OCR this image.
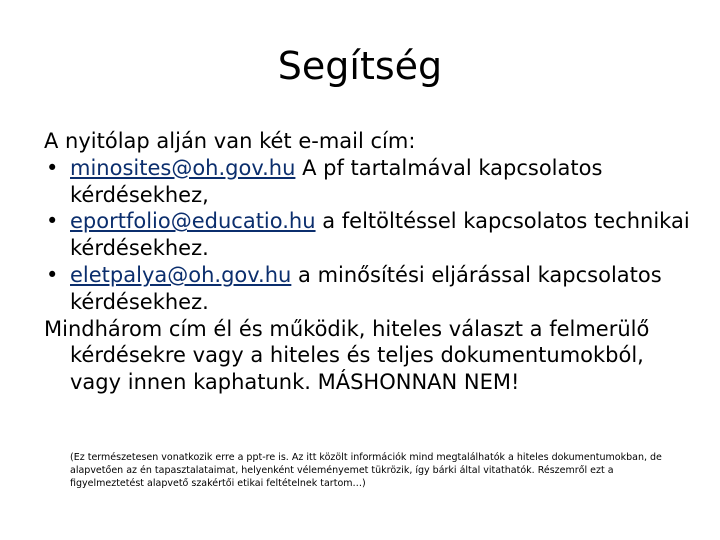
Segítség

A nyitólap alján van két e-mail cím:

• minosites@oh.gov.hu A pf tartalmával kapcsolatos kérdésekhez,
• eportfolio@educatio.hu a feltöltéssel kapcsolatos technikai kérdésekhez.
• eletpalya@oh.gov.hu a minősítési eljárással kapcsolatos kérdésekhez.

Mindhárom cím él és működik, hiteles választ a felmerülő kérdésekre vagy a hiteles és teljes dokumentumokból, vagy innen kaphatunk. MÁSHONNAN NEM!

(Ez természetesen vonatkozik erre a ppt-re is. Az itt közölt információk mind megtalálhatók a hiteles dokumentumokban, de alapvetően az én tapasztalataimat, helyenként véleményemet tükrözik, így bárki által vitathatók. Részemről ezt a figyelmeztetést alapvető szakértői etikai feltételnek tartom…)
